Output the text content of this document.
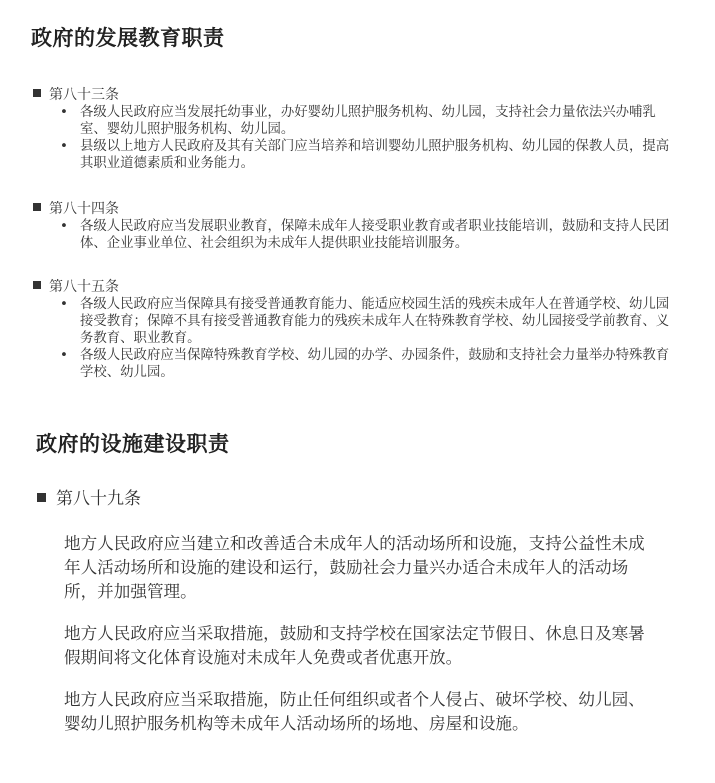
政府的发展教育职责
第八十三条
• 各级人民政府应当发展托幼事业，办好婴幼儿照护服务机构、幼儿园，支持社会力量依法兴办哺乳室、婴幼儿照护服务机构、幼儿园。
• 县级以上地方人民政府及其有关部门应当培养和培训婴幼儿照护服务机构、幼儿园的保教人员，提高其职业道德素质和业务能力。
第八十四条
• 各级人民政府应当发展职业教育，保障未成年人接受职业教育或者职业技能培训，鼓励和支持人民团体、企业事业单位、社会组织为未成年人提供职业技能培训服务。
第八十五条
• 各级人民政府应当保障具有接受普通教育能力、能适应校园生活的残疾未成年人在普通学校、幼儿园接受教育；保障不具有接受普通教育能力的残疾未成年人在特殊教育学校、幼儿园接受学前教育、义务教育、职业教育。
• 各级人民政府应当保障特殊教育学校、幼儿园的办学、办园条件，鼓励和支持社会力量举办特殊教育学校、幼儿园。
政府的设施建设职责
第八十九条
地方人民政府应当建立和改善适合未成年人的活动场所和设施，支持公益性未成年人活动场所和设施的建设和运行，鼓励社会力量兴办适合未成年人的活动场所，并加强管理。
地方人民政府应当采取措施，鼓励和支持学校在国家法定节假日、休息日及寒暑假期间将文化体育设施对未成年人免费或者优惠开放。
地方人民政府应当采取措施，防止任何组织或者个人侵占、破坏学校、幼儿园、婴幼儿照护服务机构等未成年人活动场所的场地、房屋和设施。
